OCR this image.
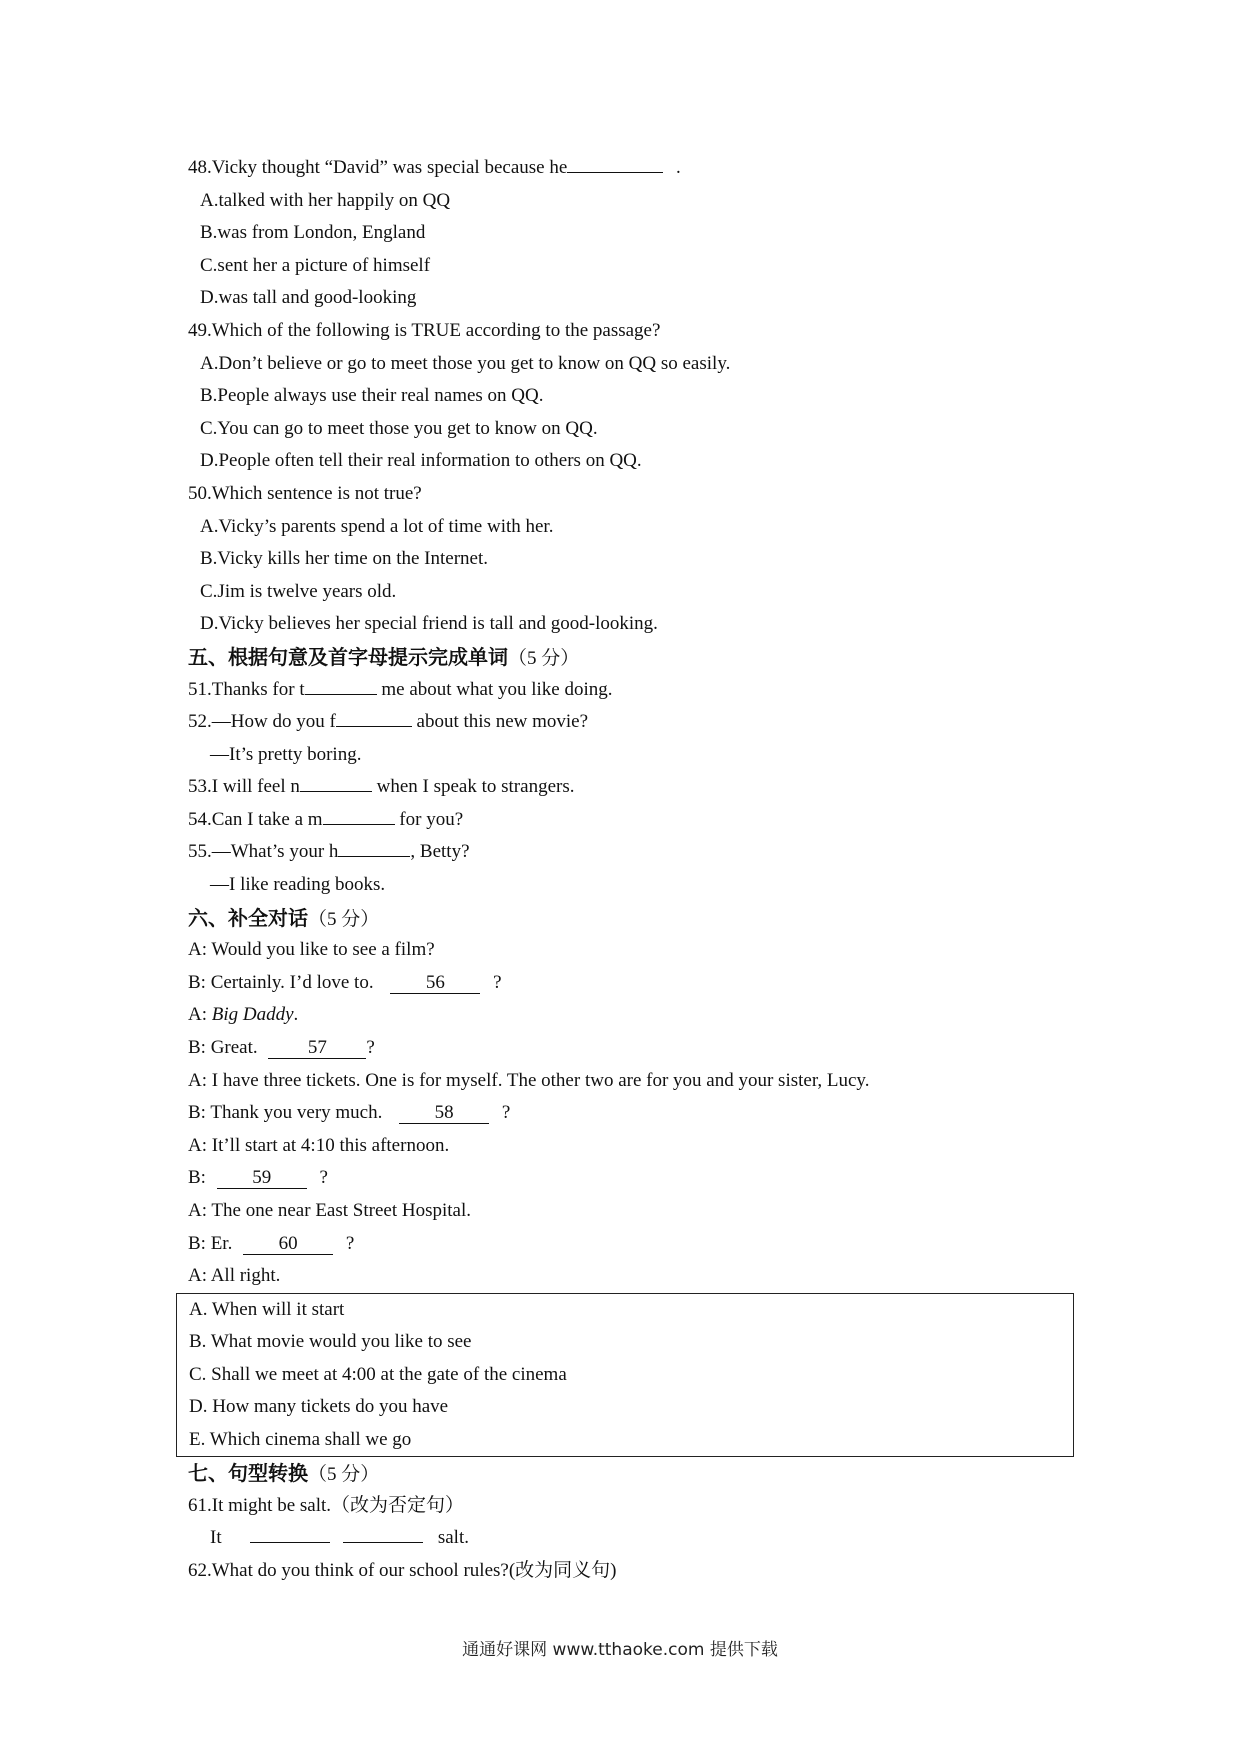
48.Vicky thought “David” was special because he	.
A.talked with her happily on QQ
B.was from London, England
C.sent her a picture of himself
D.was tall and good-looking
49.Which of the following is TRUE according to the passage?
A.Don’t believe or go to meet those you get to know on QQ so easily.
B.People always use their real names on QQ.
C.You can go to meet those you get to know on QQ.
D.People often tell their real information to others on QQ.
50.Which sentence is not true?
A.Vicky’s parents spend a lot of time with her.
B.Vicky kills her time on the Internet.
C.Jim is twelve years old.
D.Vicky believes her special friend is tall and good-looking.
五、根据句意及首字母提示完成单词（5 分）
51.Thanks for t	me about what you like doing.
52.—How do you f	about this new movie?
—It’s pretty boring.
53.I will feel n	when I speak to strangers.
54.Can I take a m	for you?
55.—What’s your h	, Betty?
—I like reading books.
六、补全对话（5 分）
A: Would you like to see a film?
B: Certainly. I’d love to.	56	?
A: Big Daddy.
B: Great.	57 ?
A: I have three tickets. One is for myself. The other two are for you and your sister, Lucy.
B: Thank you very much.	58	?
A: It’ll start at 4:10 this afternoon.
B: 59	?
A: The one near East Street Hospital.
B: Er. 60	?
A: All right.
A. When will it start
B. What movie would you like to see
C. Shall we meet at 4:00 at the gate of the cinema
D. How many tickets do you have
E. Which cinema shall we go
七、句型转换（5 分）
61.It might be salt.（改为否定句）
It	salt.
62.What do you think of our school rules?(改为同义句)
通通好课网 www.tthaoke.com 提供下载
